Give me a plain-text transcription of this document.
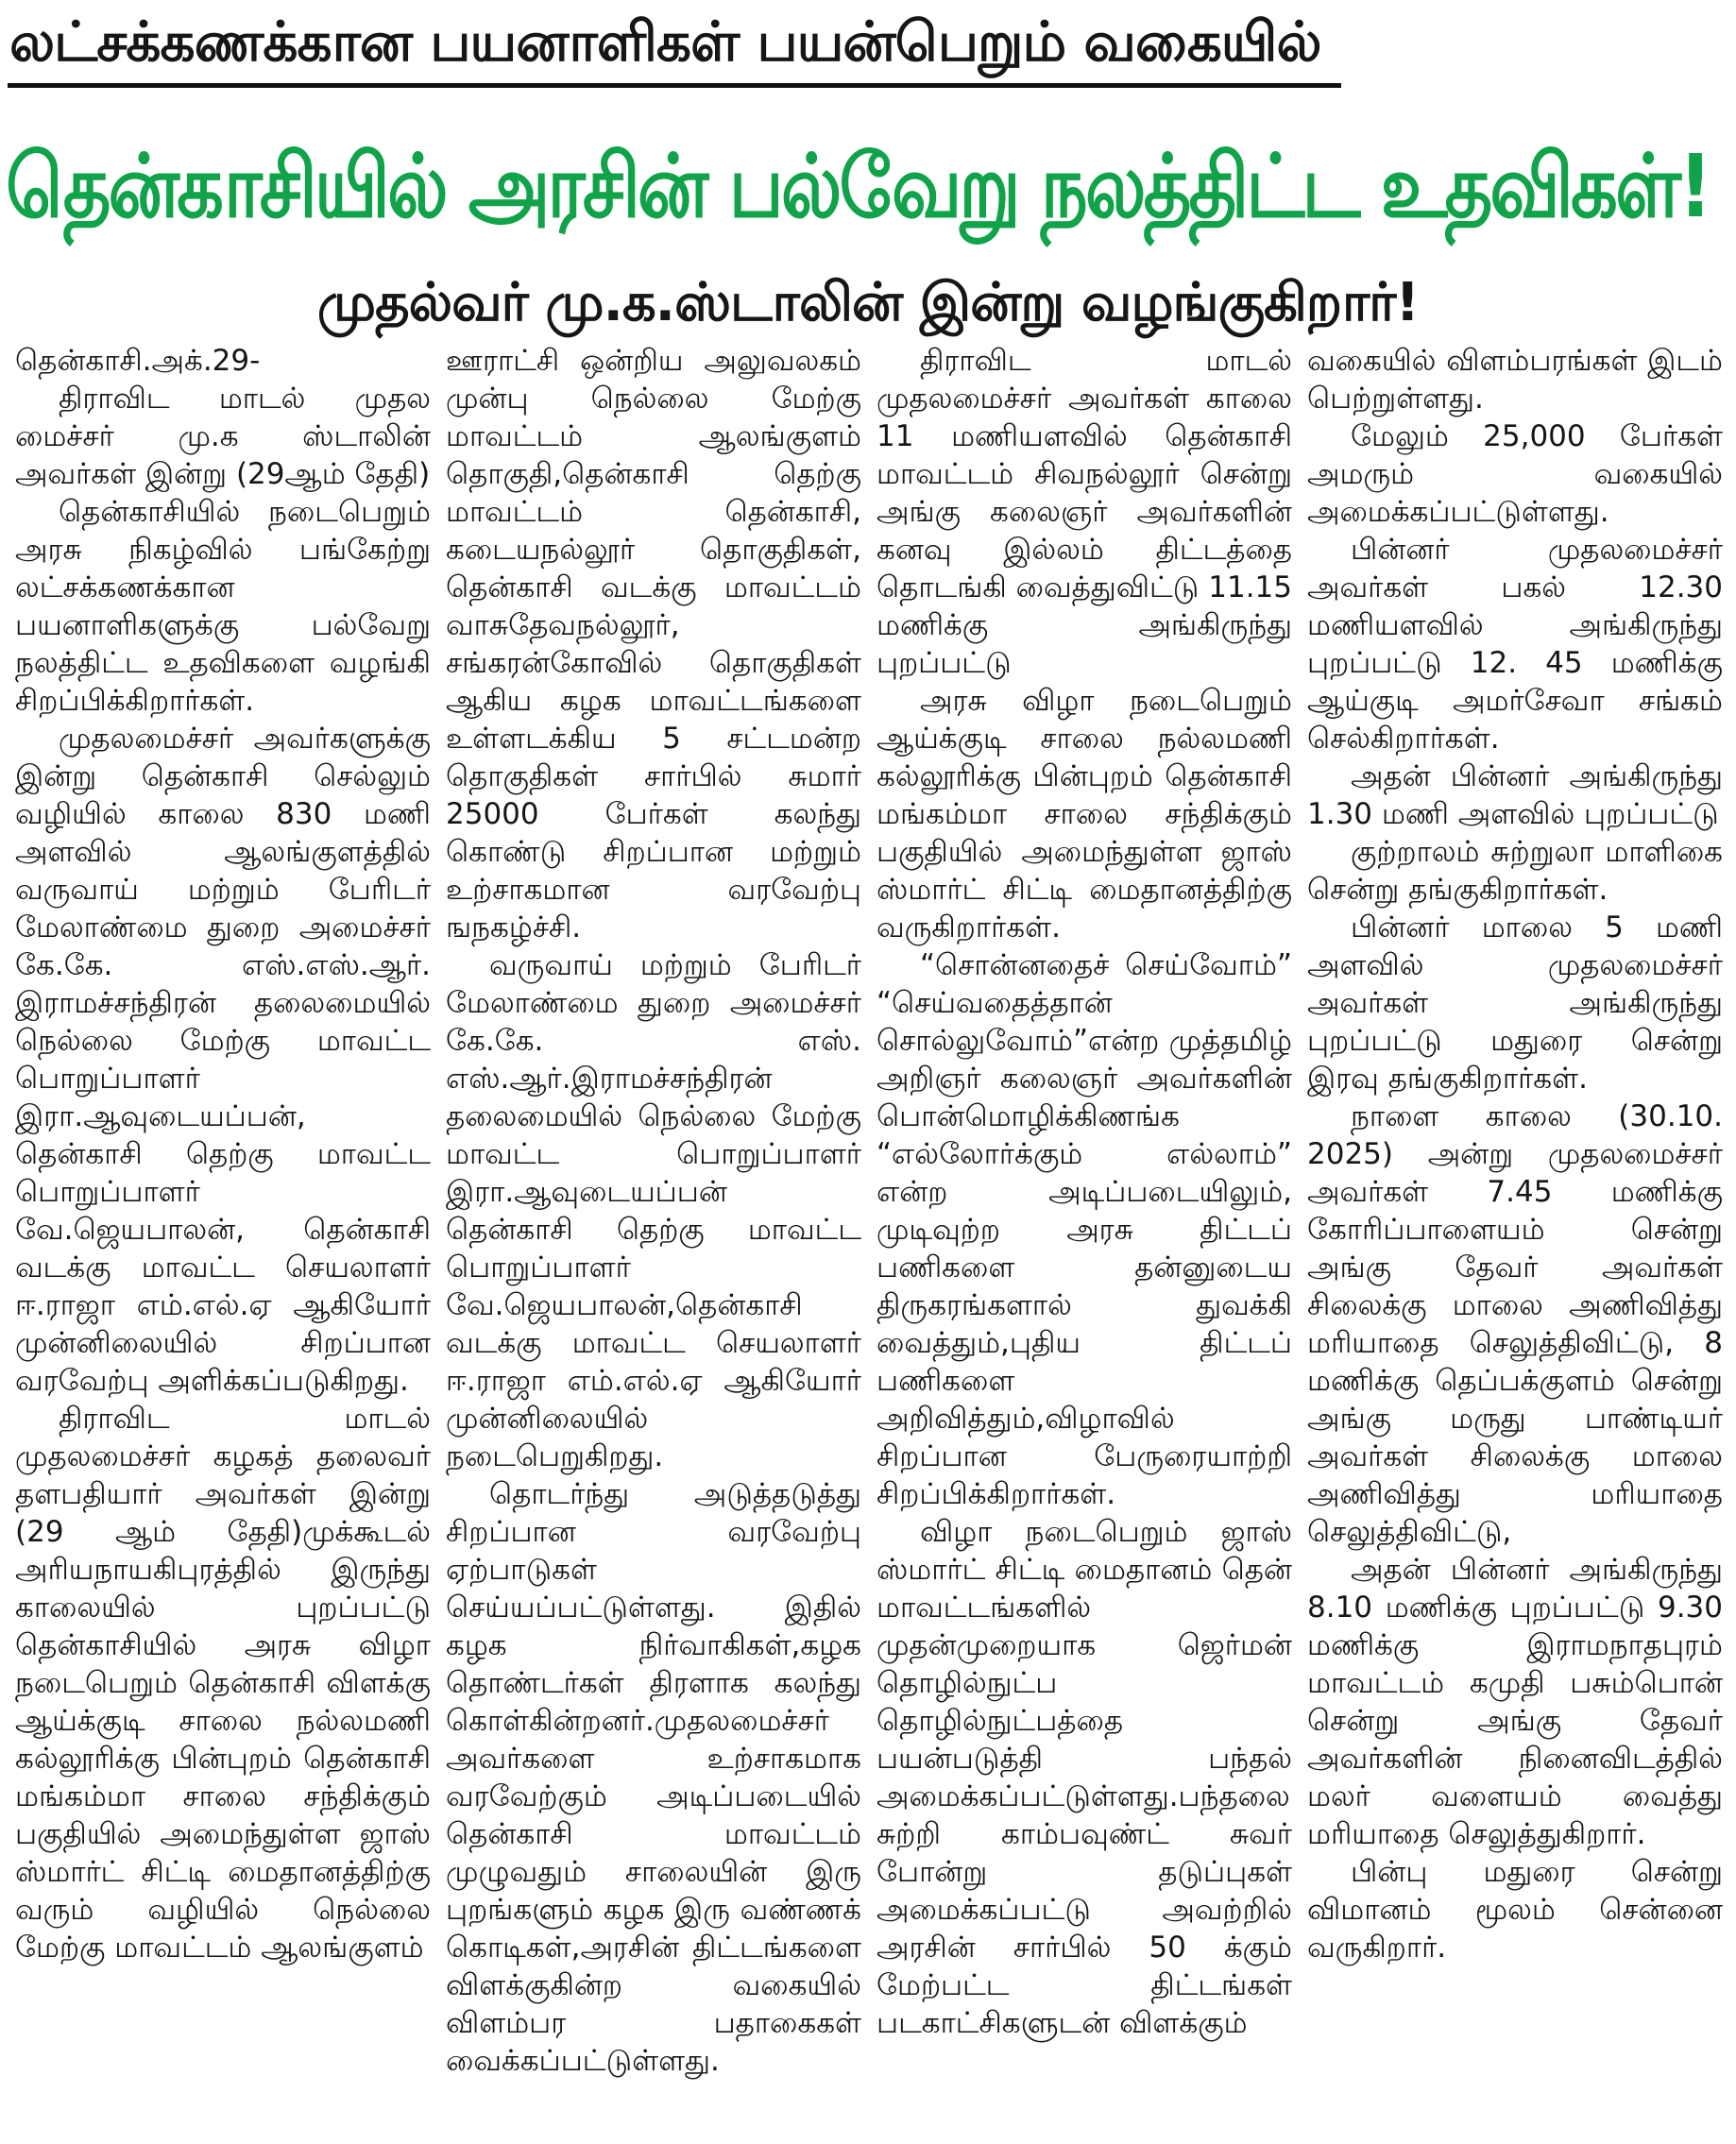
லட்சக்கணக்கான பயனாளிகள் பயன்பெறும் வகையில்
தென்காசியில் அரசின் பல்வேறு நலத்திட்ட உதவிகள்!
முதல்வர் மு.க.ஸ்டாலின் இன்று வழங்குகிறார்!

தென்காசி.அக்.29-

திராவிட மாடல் முதல மைச்சர் மு.க ஸ்டாலின் அவர்கள் இன்று (29ஆம் தேதி)

தென்காசியில் நடைபெறும் அரசு நிகழ்வில் பங்கேற்று லட்சக்கணக்கான பயனாளிகளுக்கு பல்வேறு நலத்திட்ட உதவிகளை வழங்கி சிறப்பிக்கிறார்கள்.

முதலமைச்சர் அவர்களுக்கு இன்று தென்காசி செல்லும் வழியில் காலை 830 மணி அளவில் ஆலங்குளத்தில் வருவாய் மற்றும் பேரிடர் மேலாண்மை துறை அமைச்சர் கே.கே. எஸ்.எஸ்.ஆர். இராமச்சந்திரன் தலைமையில் நெல்லை மேற்கு மாவட்ட பொறுப்பாளர் இரா.ஆவுடையப்பன், தென்காசி தெற்கு மாவட்ட பொறுப்பாளர் வே.ஜெயபாலன், தென்காசி வடக்கு மாவட்ட செயலாளர் ஈ.ராஜா எம்.எல்.ஏ ஆகியோர் முன்னிலையில் சிறப்பான வரவேற்பு அளிக்கப்படுகிறது.

திராவிட மாடல் முதலமைச்சர் கழகத் தலைவர் தளபதியார் அவர்கள் இன்று (29 ஆம் தேதி)முக்கூடல் அரியநாயகிபுரத்தில் இருந்து காலையில் புறப்பட்டு தென்காசியில் அரசு விழா நடைபெறும் தென்காசி விளக்கு ஆய்க்குடி சாலை நல்லமணி கல்லூரிக்கு பின்புறம் தென்காசி மங்கம்மா சாலை சந்திக்கும் பகுதியில் அமைந்துள்ள ஜாஸ் ஸ்மார்ட் சிட்டி மைதானத்திற்கு வரும் வழியில் நெல்லை மேற்கு மாவட்டம் ஆலங்குளம்

ஊராட்சி ஒன்றிய அலுவலகம் முன்பு நெல்லை மேற்கு மாவட்டம் ஆலங்குளம் தொகுதி,தென்காசி தெற்கு மாவட்டம் தென்காசி, கடையநல்லூர் தொகுதிகள், தென்காசி வடக்கு மாவட்டம் வாசுதேவநல்லூர், சங்கரன்கோவில் தொகுதிகள் ஆகிய கழக மாவட்டங்களை உள்ளடக்கிய 5 சட்டமன்ற தொகுதிகள் சார்பில் சுமார் 25000 பேர்கள் கலந்து கொண்டு சிறப்பான மற்றும் உற்சாகமான வரவேற்பு ஙநகழ்ச்சி.

வருவாய் மற்றும் பேரிடர் மேலாண்மை துறை அமைச்சர் கே.கே. எஸ். எஸ்.ஆர்.இராமச்சந்திரன் தலைமையில் நெல்லை மேற்கு மாவட்ட பொறுப்பாளர் இரா.ஆவுடையப்பன் தென்காசி தெற்கு மாவட்ட பொறுப்பாளர் வே.ஜெயபாலன்,தென்காசி வடக்கு மாவட்ட செயலாளர் ஈ.ராஜா எம்.எல்.ஏ ஆகியோர் முன்னிலையில் நடைபெறுகிறது.

தொடர்ந்து அடுத்தடுத்து சிறப்பான வரவேற்பு ஏற்பாடுகள் செய்யப்பட்டுள்ளது. இதில் கழக நிர்வாகிகள்,கழக தொண்டர்கள் திரளாக கலந்து கொள்கின்றனர்.முதலமைச்சர் அவர்களை உற்சாகமாக வரவேற்கும் அடிப்படையில் தென்காசி மாவட்டம் முழுவதும் சாலையின் இரு புறங்களும் கழக இரு வண்ணக் கொடிகள்,அரசின் திட்டங்களை விளக்குகின்ற வகையில் விளம்பர பதாகைகள் வைக்கப்பட்டுள்ளது.

திராவிட மாடல் முதலமைச்சர் அவர்கள் காலை 11 மணியளவில் தென்காசி மாவட்டம் சிவநல்லூர் சென்று அங்கு கலைஞர் அவர்களின் கனவு இல்லம் திட்டத்தை தொடங்கி வைத்துவிட்டு 11.15 மணிக்கு அங்கிருந்து புறப்பட்டு

அரசு விழா நடைபெறும் ஆய்க்குடி சாலை நல்லமணி கல்லூரிக்கு பின்புறம் தென்காசி மங்கம்மா சாலை சந்திக்கும் பகுதியில் அமைந்துள்ள ஜாஸ் ஸ்மார்ட் சிட்டி மைதானத்திற்கு வருகிறார்கள்.

“சொன்னதைச் செய்வோம்” “செய்வதைத்தான் சொல்லுவோம்”என்ற முத்தமிழ் அறிஞர் கலைஞர் அவர்களின் பொன்மொழிக்கிணங்க “எல்லோர்க்கும் எல்லாம்” என்ற அடிப்படையிலும், முடிவுற்ற அரசு திட்டப் பணிகளை தன்னுடைய திருகரங்களால் துவக்கி வைத்தும்,புதிய திட்டப் பணிகளை அறிவித்தும்,விழாவில் சிறப்பான பேருரையாற்றி சிறப்பிக்கிறார்கள்.

விழா நடைபெறும் ஜாஸ் ஸ்மார்ட் சிட்டி மைதானம் தென் மாவட்டங்களில் முதன்முறையாக ஜெர்மன் தொழில்நுட்ப தொழில்நுட்பத்தை பயன்படுத்தி பந்தல் அமைக்கப்பட்டுள்ளது.பந்தலை சுற்றி காம்பவுண்ட் சுவர் போன்று தடுப்புகள் அமைக்கப்பட்டு அவற்றில் அரசின் சார்பில் 50 க்கும் மேற்பட்ட திட்டங்கள் படகாட்சிகளுடன் விளக்கும்

வகையில் விளம்பரங்கள் இடம் பெற்றுள்ளது.

மேலும் 25,000 பேர்கள் அமரும் வகையில் அமைக்கப்பட்டுள்ளது.

பின்னர் முதலமைச்சர் அவர்கள் பகல் 12.30 மணியளவில் அங்கிருந்து புறப்பட்டு 12. 45 மணிக்கு ஆய்குடி அமர்சேவா சங்கம் செல்கிறார்கள்.

அதன் பின்னர் அங்கிருந்து 1.30 மணி அளவில் புறப்பட்டு

குற்றாலம் சுற்றுலா மாளிகை சென்று தங்குகிறார்கள்.

பின்னர் மாலை 5 மணி அளவில் முதலமைச்சர் அவர்கள் அங்கிருந்து புறப்பட்டு மதுரை சென்று இரவு தங்குகிறார்கள்.

நாளை காலை (30.10. 2025) அன்று முதலமைச்சர் அவர்கள் 7.45 மணிக்கு கோரிப்பாளையம் சென்று அங்கு தேவர் அவர்கள் சிலைக்கு மாலை அணிவித்து மரியாதை செலுத்திவிட்டு, 8 மணிக்கு தெப்பக்குளம் சென்று அங்கு மருது பாண்டியர் அவர்கள் சிலைக்கு மாலை அணிவித்து மரியாதை செலுத்திவிட்டு,

அதன் பின்னர் அங்கிருந்து 8.10 மணிக்கு புறப்பட்டு 9.30 மணிக்கு இராமநாதபுரம் மாவட்டம் கமுதி பசும்பொன் சென்று அங்கு தேவர் அவர்களின் நினைவிடத்தில் மலர் வளையம் வைத்து மரியாதை செலுத்துகிறார்.

பின்பு மதுரை சென்று விமானம் மூலம் சென்னை வருகிறார்.
